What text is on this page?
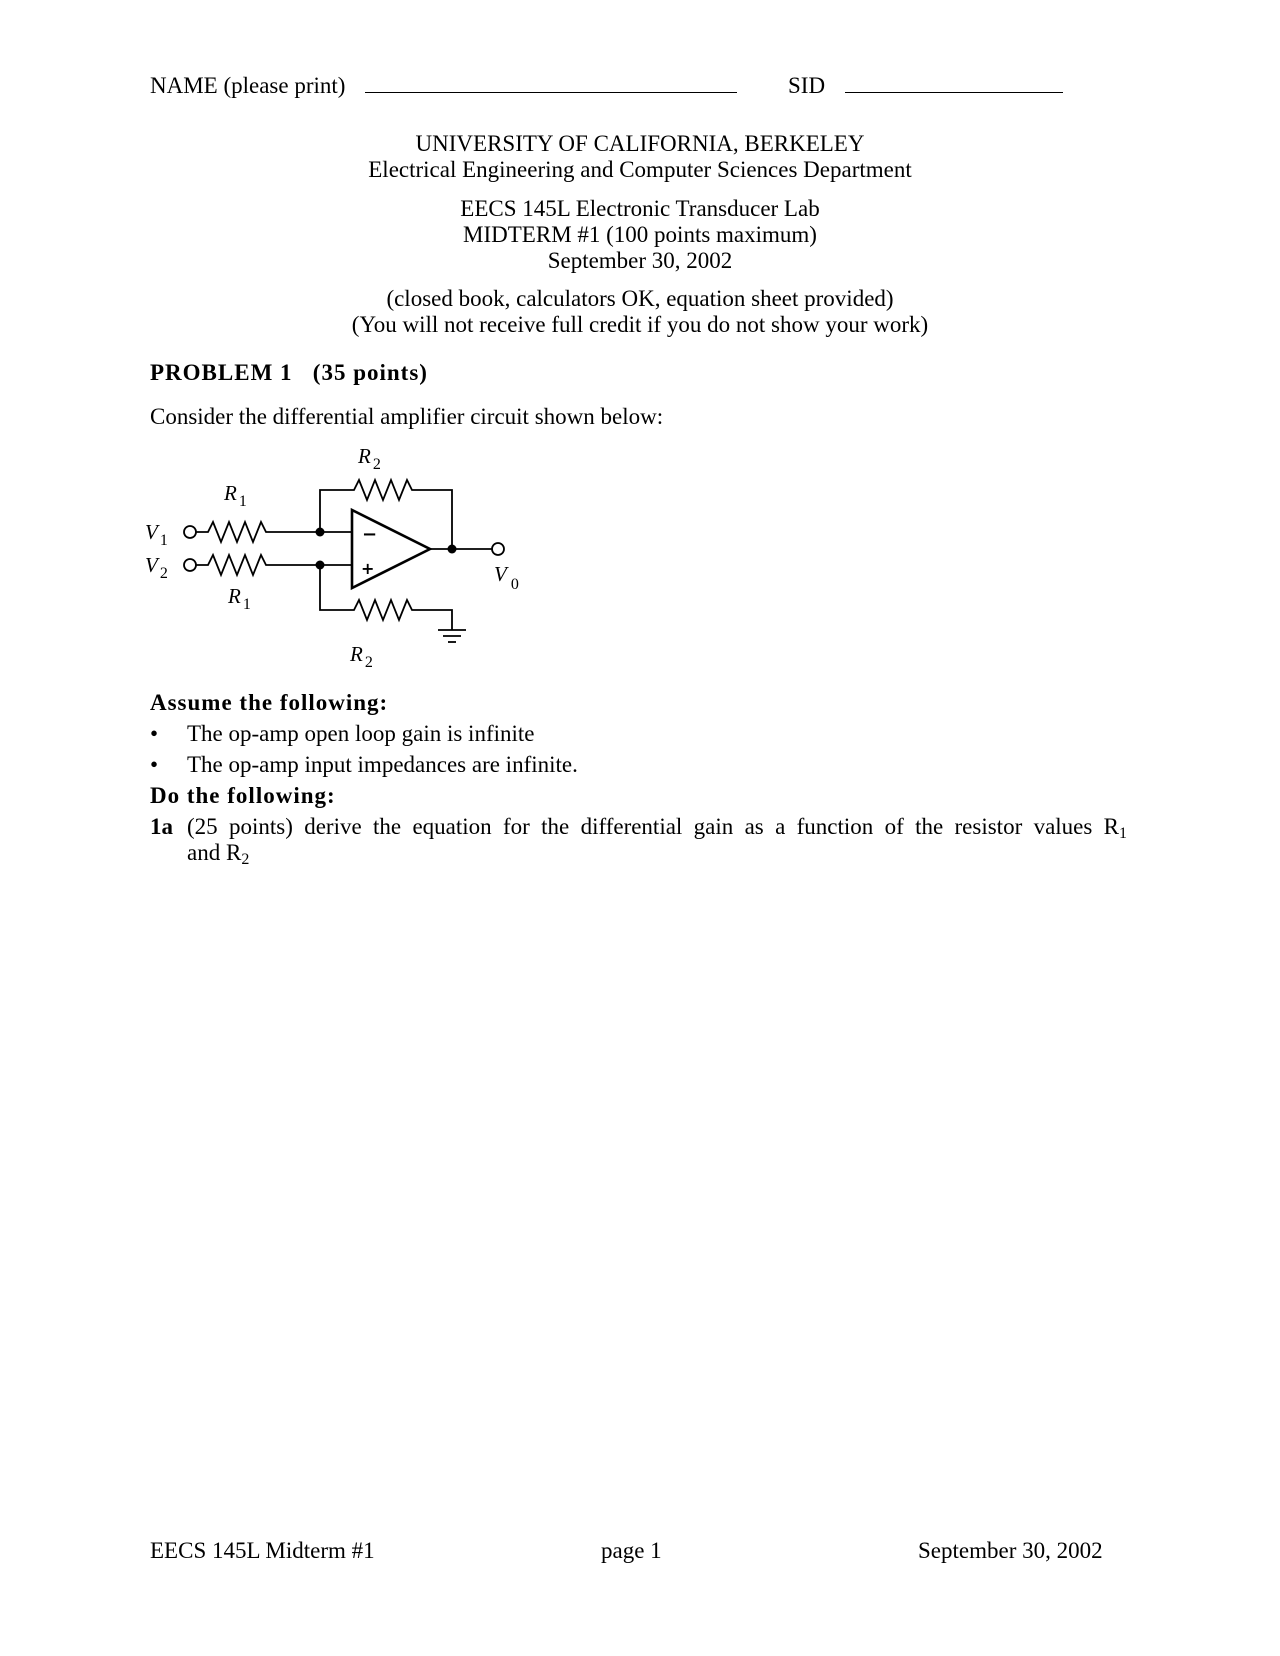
NAME (please print)	SID
UNIVERSITY OF CALIFORNIA, BERKELEY
Electrical Engineering and Computer Sciences Department
EECS 145L Electronic Transducer Lab
MIDTERM #1 (100 points maximum)
September 30, 2002
(closed book, calculators OK, equation sheet provided)
(You will not receive full credit if you do not show your work)
PROBLEM 1   (35 points)
Consider the differential amplifier circuit shown below:
−
+
R $_2$
R $_1$
V $_1$
V $_2$
R $_1$
R $_2$
V $_0$
Assume the following:
• The op-amp open loop gain is infinite
• The op-amp input impedances are infinite.
Do the following:
1a (25 points) derive the equation for the differential gain as a function of the resistor values $R_1$
and $R_2$
EECS 145L Midterm #1	page 1	September 30, 2002
